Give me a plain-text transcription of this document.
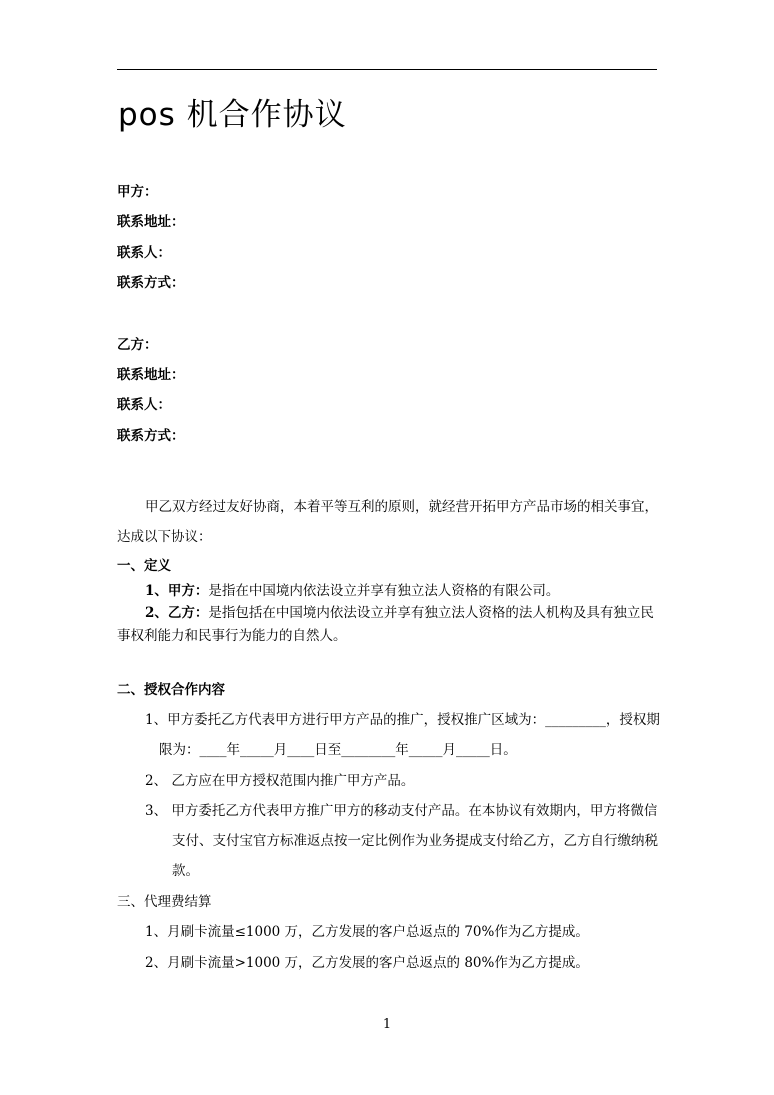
pos 机合作协议
甲方：
联系地址：
联系人：
联系方式：
乙方：
联系地址：
联系人：
联系方式：
甲乙双方经过友好协商，本着平等互利的原则，就经营开拓甲方产品市场的相关事宜，
达成以下协议：
一、定义
1、甲方：是指在中国境内依法设立并享有独立法人资格的有限公司。
2、乙方：是指包括在中国境内依法设立并享有独立法人资格的法人机构及具有独立民
事权利能力和民事行为能力的自然人。
二、授权合作内容
1、甲方委托乙方代表甲方进行甲方产品的推广，授权推广区域为：_________，授权期
限为：____年_____月____日至________年_____月_____日。
2、 乙方应在甲方授权范围内推广甲方产品。
3、 甲方委托乙方代表甲方推广甲方的移动支付产品。在本协议有效期内，甲方将微信
支付、支付宝官方标准返点按一定比例作为业务提成支付给乙方，乙方自行缴纳税
款。
三、代理费结算
1、月刷卡流量≤1000 万，乙方发展的客户总返点的 70%作为乙方提成。
2、月刷卡流量>1000 万，乙方发展的客户总返点的 80%作为乙方提成。
1
